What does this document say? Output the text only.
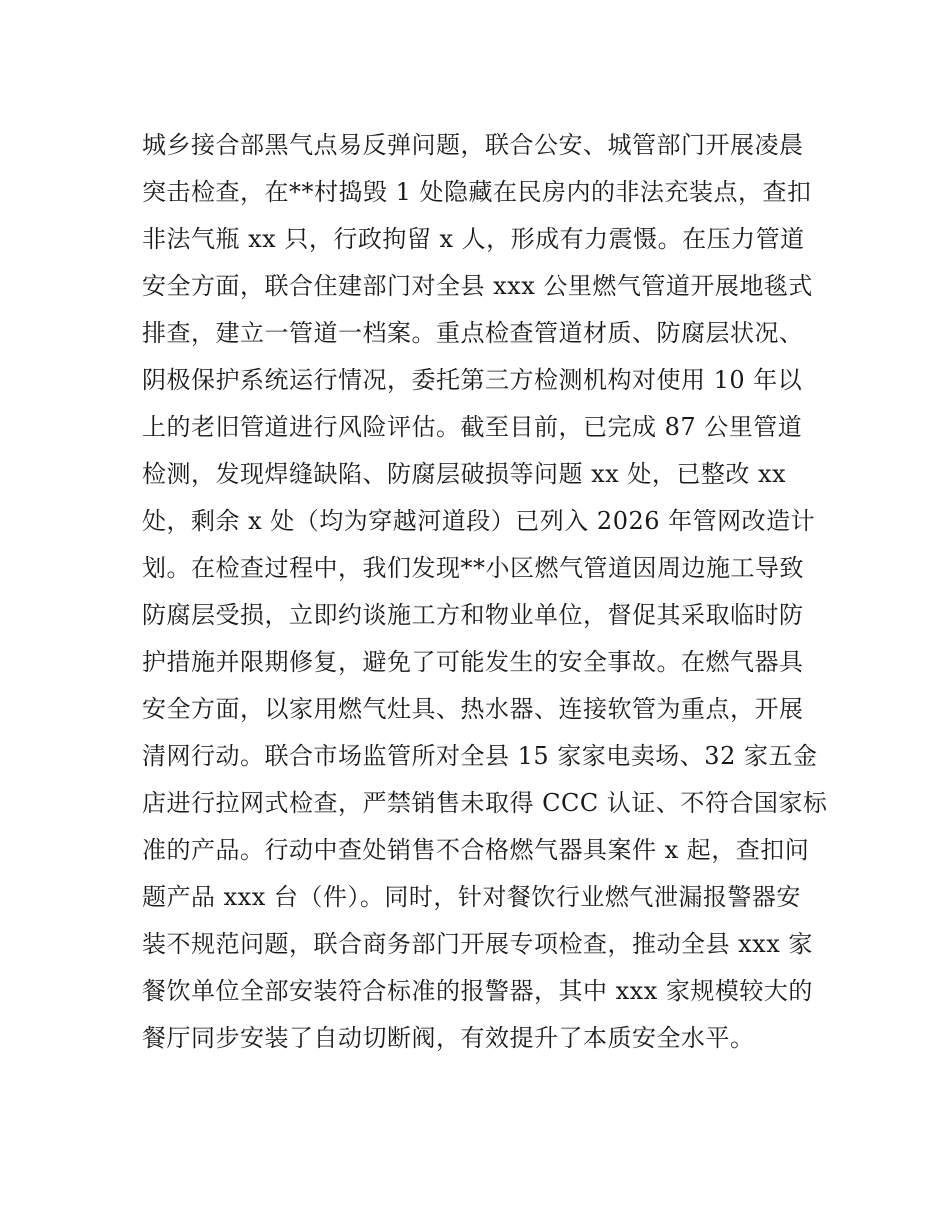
城乡接合部黑气点易反弹问题，联合公安、城管部门开展凌晨
突击检查，在**村捣毁 1 处隐藏在民房内的非法充装点，查扣
非法气瓶 xx 只，行政拘留 x 人，形成有力震慑。在压力管道
安全方面，联合住建部门对全县 xxx 公里燃气管道开展地毯式
排查，建立一管道一档案。重点检查管道材质、防腐层状况、
阴极保护系统运行情况，委托第三方检测机构对使用 10 年以
上的老旧管道进行风险评估。截至目前，已完成 87 公里管道
检测，发现焊缝缺陷、防腐层破损等问题 xx 处，已整改 xx
处，剩余 x 处（均为穿越河道段）已列入 2026 年管网改造计
划。在检查过程中，我们发现**小区燃气管道因周边施工导致
防腐层受损，立即约谈施工方和物业单位，督促其采取临时防
护措施并限期修复，避免了可能发生的安全事故。在燃气器具
安全方面，以家用燃气灶具、热水器、连接软管为重点，开展
清网行动。联合市场监管所对全县 15 家家电卖场、32 家五金
店进行拉网式检查，严禁销售未取得 CCC 认证、不符合国家标
准的产品。行动中查处销售不合格燃气器具案件 x 起，查扣问
题产品 xxx 台（件）。同时，针对餐饮行业燃气泄漏报警器安
装不规范问题，联合商务部门开展专项检查，推动全县 xxx 家
餐饮单位全部安装符合标准的报警器，其中 xxx 家规模较大的
餐厅同步安装了自动切断阀，有效提升了本质安全水平。
